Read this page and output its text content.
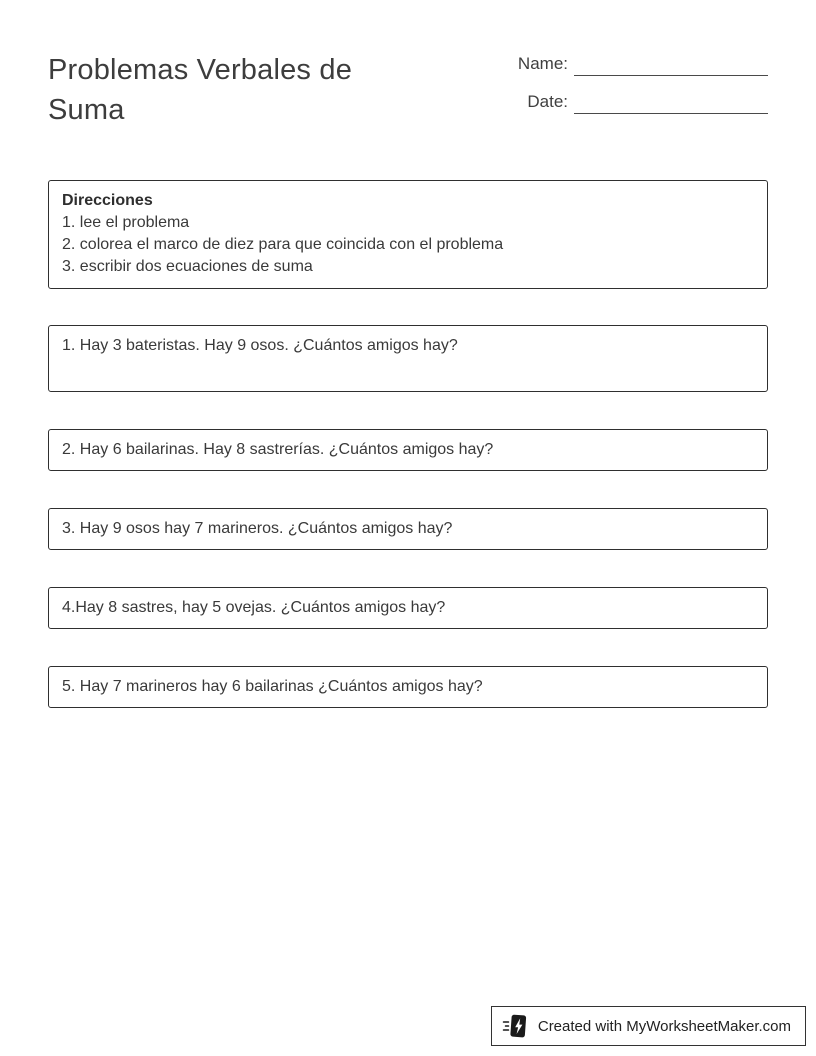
Problemas Verbales de Suma
Name:
Date:
Direcciones
1. lee el problema
2. colorea el marco de diez para que coincida con el problema
3. escribir dos ecuaciones de suma
1. Hay 3 bateristas. Hay 9 osos. ¿Cuántos amigos hay?
2. Hay 6 bailarinas. Hay 8 sastrerías. ¿Cuántos amigos hay?
3. Hay 9 osos hay 7 marineros. ¿Cuántos amigos hay?
4.Hay 8 sastres, hay 5 ovejas. ¿Cuántos amigos hay?
5. Hay 7 marineros hay 6 bailarinas ¿Cuántos amigos hay?
Created with MyWorksheetMaker.com
